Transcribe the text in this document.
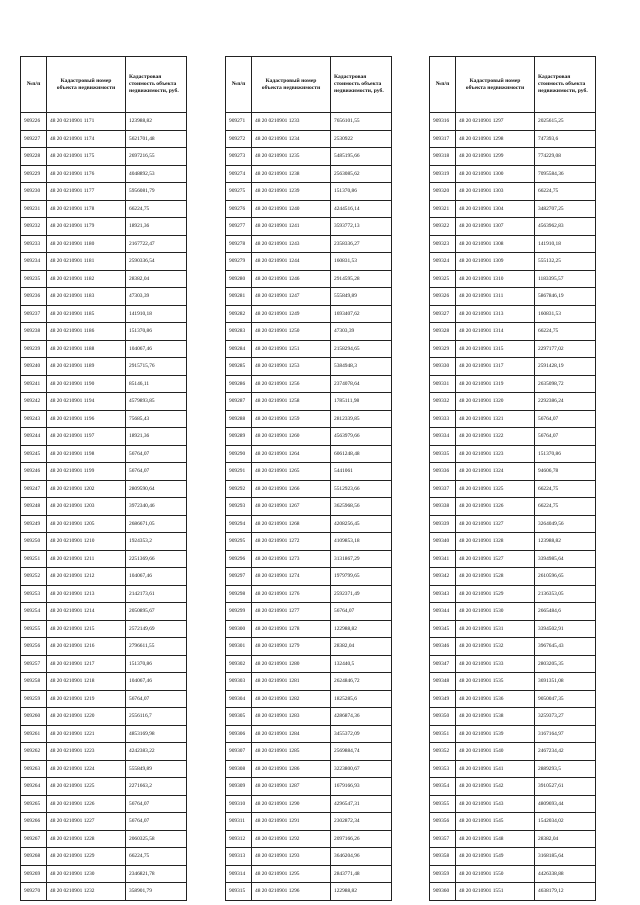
№п/п	Кадастровый номер объекта недвижимости	Кадастровая стоимость объекта недвижимости, руб.
909226	48 20 0210901 1171	123988,82
909227	48 20 0210901 1174	5621701,48
909228	48 20 0210901 1175	2697216,55
909229	48 20 0210901 1176	4048892,53
909230	48 20 0210901 1177	5956081,79
909231	48 20 0210901 1178	66224,75
909232	48 20 0210901 1179	18921,36
909233	48 20 0210901 1180	2167722,47
909234	48 20 0210901 1181	2590336,54
909235	48 20 0210901 1182	28382,04
909236	48 20 0210901 1183	47303,39
909237	48 20 0210901 1185	141910,18
909238	48 20 0210901 1186	151370,86
909239	48 20 0210901 1188	104067,46
909240	48 20 0210901 1189	2915715,76
909241	48 20 0210901 1190	85146,11
909242	48 20 0210901 1194	4579893,85
909243	48 20 0210901 1196	75685,43
909244	48 20 0210901 1197	18921,36
909245	48 20 0210901 1198	56764,07
909246	48 20 0210901 1199	56764,07
909247	48 20 0210901 1202	2809590,64
909248	48 20 0210901 1203	3972340,46
909249	48 20 0210901 1205	2686671,05
909250	48 20 0210901 1210	1924353,2
909251	48 20 0210901 1211	2251369,66
909252	48 20 0210901 1212	104067,46
909253	48 20 0210901 1213	2142173,61
909254	48 20 0210901 1214	2050895,67
909255	48 20 0210901 1215	2572149,69
909256	48 20 0210901 1216	2796611,55
909257	48 20 0210901 1217	151370,86
909258	48 20 0210901 1218	104067,46
909259	48 20 0210901 1219	56764,07
909260	48 20 0210901 1220	2556116,7
909261	48 20 0210901 1221	4853169,98
909262	48 20 0210901 1223	4242383,22
909263	48 20 0210901 1224	555849,89
909264	48 20 0210901 1225	2271663,2
909265	48 20 0210901 1226	56764,07
909266	48 20 0210901 1227	56764,07
909267	48 20 0210901 1228	2060325,58
909268	48 20 0210901 1229	66224,75
909269	48 20 0210901 1230	2346821,78
909270	48 20 0210901 1232	358901,79
№п/п	Кадастровый номер объекта недвижимости	Кадастровая стоимость объекта недвижимости, руб.
909271	48 20 0210901 1233	7656101,55
909272	48 20 0210901 1234	2530922
909273	48 20 0210901 1235	5485195,66
909274	48 20 0210901 1238	2563085,62
909275	48 20 0210901 1239	151370,86
909276	48 20 0210901 1240	4244516,14
909277	48 20 0210901 1241	3593772,13
909278	48 20 0210901 1243	2358336,27
909279	48 20 0210901 1244	160831,53
909280	48 20 0210901 1246	2914595,28
909281	48 20 0210901 1247	555849,89
909282	48 20 0210901 1249	1693407,62
909283	48 20 0210901 1250	47303,39
909284	48 20 0210901 1251	2158294,65
909285	48 20 0210901 1253	5384948,3
909286	48 20 0210901 1256	2374078,64
909287	48 20 0210901 1258	1785111,98
909288	48 20 0210901 1259	2812339,85
909289	48 20 0210901 1260	4563979,66
909290	48 20 0210901 1264	6061248,48
909291	48 20 0210901 1265	5441061
909292	48 20 0210901 1266	5512923,66
909293	48 20 0210901 1267	3625968,56
909294	48 20 0210901 1268	4208256,45
909295	48 20 0210901 1272	4109853,18
909296	48 20 0210901 1273	3131867,29
909297	48 20 0210901 1274	1979799,65
909298	48 20 0210901 1276	2592371,49
909299	48 20 0210901 1277	56764,07
909300	48 20 0210901 1278	122988,82
909301	48 20 0210901 1279	28382,04
909302	48 20 0210901 1280	132440,5
909303	48 20 0210901 1281	2624846,72
909304	48 20 0210901 1282	1825285,6
909305	48 20 0210901 1283	4286874,36
909306	48 20 0210901 1284	3455372,09
909307	48 20 0210901 1285	2569884,74
909308	48 20 0210901 1286	3223800,67
909309	48 20 0210901 1287	1679166,93
909310	48 20 0210901 1290	4296547,31
909311	48 20 0210901 1291	2302872,34
909312	48 20 0210901 1292	2097166,26
909313	48 20 0210901 1293	3646204,96
909314	48 20 0210901 1295	2843771,48
909315	48 20 0210901 1296	122988,82
№п/п	Кадастровый номер объекта недвижимости	Кадастровая стоимость объекта недвижимости, руб.
909316	48 20 0210901 1297	2025615,25
909317	48 20 0210901 1298	747393,6
909318	48 20 0210901 1299	774229,08
909319	48 20 0210901 1300	7095584,36
909320	48 20 0210901 1303	66224,75
909321	48 20 0210901 1304	3482707,25
909322	48 20 0210901 1307	4563962,83
909323	48 20 0210901 1308	141910,18
909324	48 20 0210901 1309	555132,25
909325	48 20 0210901 1310	1183395,57
909326	48 20 0210901 1311	5867846,19
909327	48 20 0210901 1313	160831,53
909328	48 20 0210901 1314	66224,75
909329	48 20 0210901 1315	2297177,02
909330	48 20 0210901 1317	2591428,19
909331	48 20 0210901 1319	2635098,72
909332	48 20 0210901 1320	2292386,24
909333	48 20 0210901 1321	56764,07
909334	48 20 0210901 1322	56764,07
909335	48 20 0210901 1323	151370,86
909336	48 20 0210901 1324	94606,78
909337	48 20 0210901 1325	66224,75
909338	48 20 0210901 1326	66224,75
909339	48 20 0210901 1327	3264049,56
909340	48 20 0210901 1328	123988,82
909341	48 20 0210901 1527	3394985,64
909342	48 20 0210901 1528	2610596,65
909343	48 20 0210901 1529	2136353,05
909344	48 20 0210901 1530	2665484,6
909345	48 20 0210901 1531	3394502,91
909346	48 20 0210901 1532	3967645,43
909347	48 20 0210901 1533	2803205,35
909348	48 20 0210901 1535	3691351,08
909349	48 20 0210901 1536	9050047,35
909350	48 20 0210901 1538	3259373,27
909351	48 20 0210901 1539	3167164,97
909352	48 20 0210901 1540	2467234,42
909353	48 20 0210901 1541	2889293,5
909354	48 20 0210901 1542	3910527,61
909355	48 20 0210901 1543	4809693,44
909356	48 20 0210901 1545	1542034,02
909357	48 20 0210901 1548	28382,04
909358	48 20 0210901 1549	3168185,64
909359	48 20 0210901 1550	4426338,88
909360	48 20 0210901 1551	4638179,12
